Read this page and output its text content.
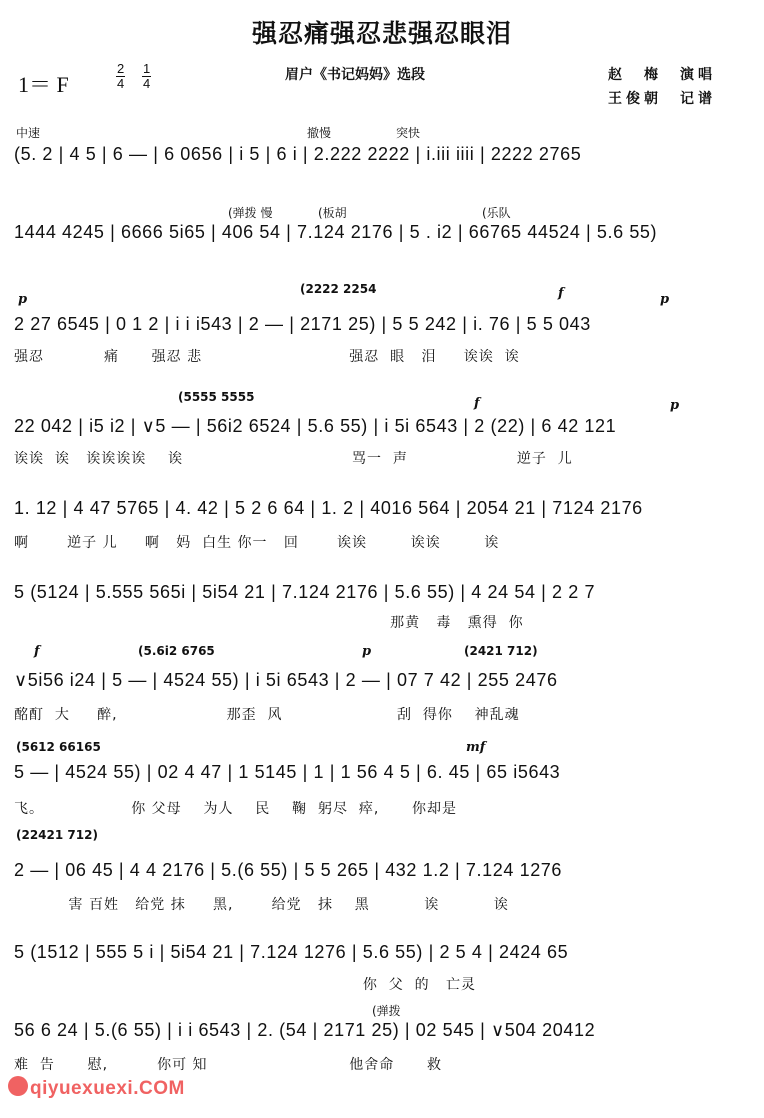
强忍痛强忍悲强忍眼泪
1＝ F	$\frac{2}{4} \frac{1}{4}$	眉户《书记妈妈》选段	赵　梅　演唱
王俊朝　记谱
中速	撤慢	突快
(5. 2 | 4 5 | 6 — | 6 0656 | i 5 | 6 i | 2.222 2222 | i.iii iiii | 2222 2765
(弹拨 慢	(板胡	(乐队
1444 4245 | 6666 5i65 | 406 54 | 7.124 2176 | 5 . i2 | 66765 44524 | 5.6 55)
p
(2222 2254	f	p
2 27 6545 | 0 1 2 | i i i543 | 2 — | 2171 25) | 5 5 242 | i. 76 | 5 5 043
强忍           痛      强忍 悲                           强忍  眼   泪     诶诶  诶
(5555 5555	f	p
22 042 | i5 i2 | ∨5 — | 56i2 6524 | 5.6 55) | i 5i 6543 | 2 (22) | 6 42 121
诶诶  诶   诶诶诶诶    诶                               骂一  声                    逆子  儿
1. 12 | 4 47 5765 | 4. 42 | 5 2 6 64 | 1. 2 | 4016 564 | 2054 21 | 7124 2176
啊       逆子 儿     啊   妈  白生 你一   回       诶诶        诶诶        诶
5 (5124 | 5.555 565i | 5i54 21 | 7.124 2176 | 5.6 55) | 4 24 54 | 2 2 7
那黄   毒   熏得  你
f	(5.6i2 6765	p	(2421 712)
∨5i56 i24 | 5 — | 4524 55) | i 5i 6543 | 2 — | 07 7 42 | 255 2476
酩酊  大     醉,                    那歪  风                     刮  得你    神乱魂
(5612 66165	mf
5 — | 4524 55) | 02 4 47 | 1 5145 | 1 | 1 56 4 5 | 6. 45 | 65 i5643
飞。                你 父母    为人    民    鞠  躬尽  瘁,      你却是
(22421 712)
2 — | 06 45 | 4 4 2176 | 5.(6 55) | 5 5 265 | 432 1.2 | 7.124 1276
害 百姓   给党 抹     黑,       给党   抹    黑          诶          诶
5 (1512 | 555 5 i | 5i54 21 | 7.124 1276 | 5.6 55) | 2 5 4 | 2424 65
你  父  的   亡灵
(弹拨
56 6 24 | 5.(6 55) | i i 6543 | 2. (54 | 2171 25) | 02 545 | ∨504 20412
难  告      慰,         你可 知                          他舍命      救
qiyuexuexi.COM
